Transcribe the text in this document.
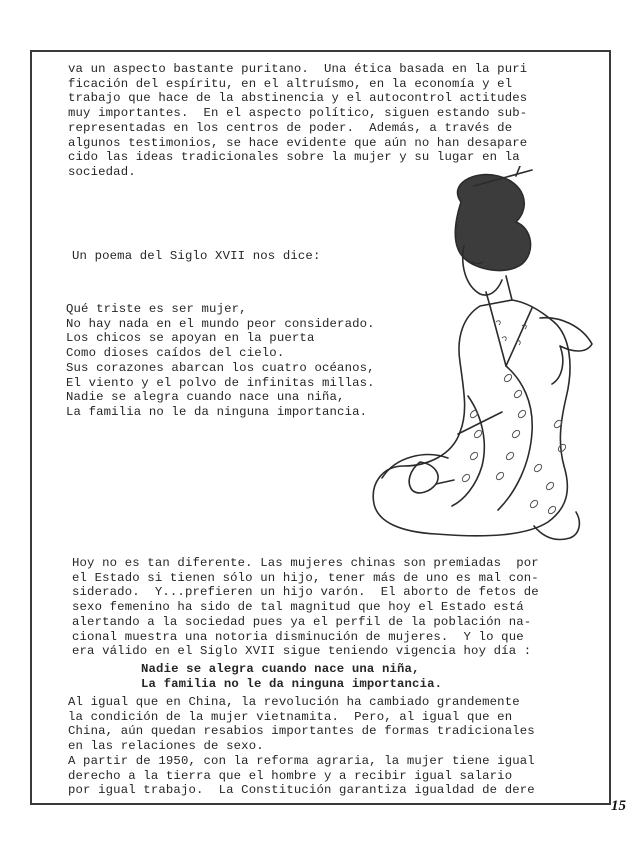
va un aspecto bastante puritano.  Una ética basada en la puri
ficación del espíritu, en el altruísmo, en la economía y el
trabajo que hace de la abstinencia y el autocontrol actitudes
muy importantes.  En el aspecto político, siguen estando sub-
representadas en los centros de poder.  Además, a través de
algunos testimonios, se hace evidente que aún no han desapare
cido las ideas tradicionales sobre la mujer y su lugar en la
sociedad.

Un poema del Siglo XVII nos dice:

Qué triste es ser mujer,
No hay nada en el mundo peor considerado.
Los chicos se apoyan en la puerta
Como dioses caídos del cielo.
Sus corazones abarcan los cuatro océanos,
El viento y el polvo de infinitas millas.
Nadie se alegra cuando nace una niña,
La familia no le da ninguna importancia.

Hoy no es tan diferente. Las mujeres chinas son premiadas  por
el Estado si tienen sólo un hijo, tener más de uno es mal con-
siderado.  Y...prefieren un hijo varón.  El aborto de fetos de
sexo femenino ha sido de tal magnitud que hoy el Estado está
alertando a la sociedad pues ya el perfil de la población na-
cional muestra una notoria disminución de mujeres.  Y lo que
era válido en el Siglo XVII sigue teniendo vigencia hoy día :

Nadie se alegra cuando nace una niña,
La familia no le da ninguna importancia.

Al igual que en China, la revolución ha cambiado grandemente
la condición de la mujer vietnamita.  Pero, al igual que en
China, aún quedan resabios importantes de formas tradicionales
en las relaciones de sexo.
A partir de 1950, con la reforma agraria, la mujer tiene igual
derecho a la tierra que el hombre y a recibir igual salario
por igual trabajo.  La Constitución garantiza igualdad de dere

15
